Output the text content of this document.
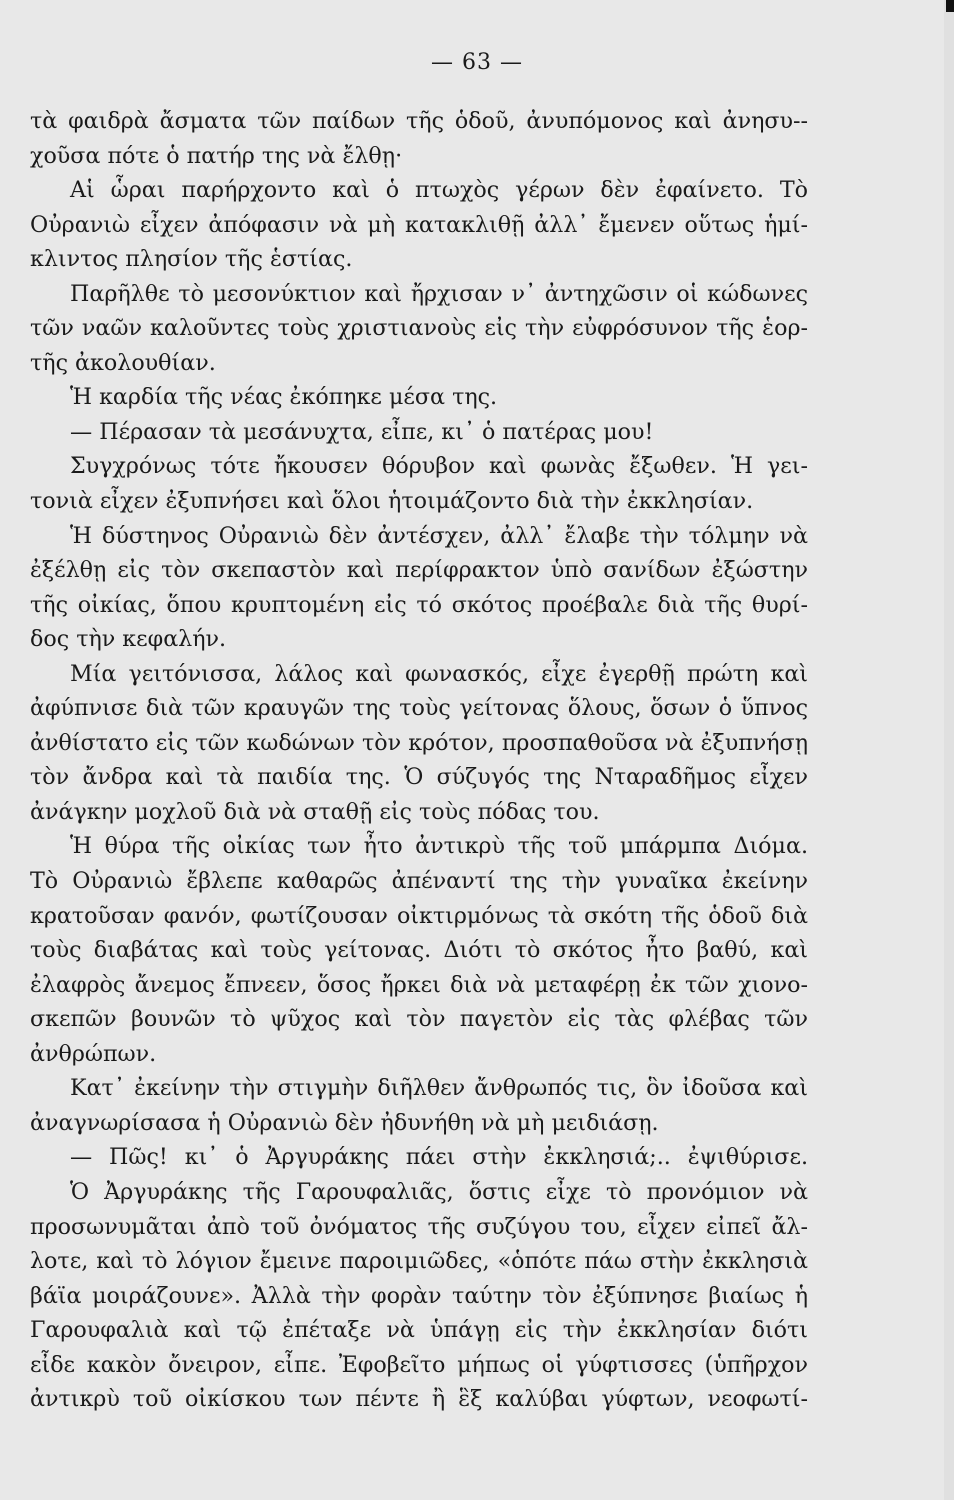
— 63 —
τὰ φαιδρὰ ἄσματα τῶν παίδων τῆς ὁδοῦ, ἀνυπόμονος καὶ ἀνησυ--
χοῦσα πότε ὁ πατήρ της νὰ ἔλθῃ·
Αἱ ὧραι παρήρχοντο καὶ ὁ πτωχὸς γέρων δὲν ἐφαίνετο. Τὸ
Οὐρανιὼ εἶχεν ἀπόφασιν νὰ μὴ κατακλιθῇ ἀλλ᾽ ἔμενεν οὕτως ἡμί-
κλιντος πλησίον τῆς ἑστίας.
Παρῆλθε τὸ μεσονύκτιον καὶ ἤρχισαν ν᾽ ἀντηχῶσιν οἱ κώδωνες
τῶν ναῶν καλοῦντες τοὺς χριστιανοὺς εἰς τὴν εὐφρόσυνον τῆς ἑορ-
τῆς ἀκολουθίαν.
Ἡ καρδία τῆς νέας ἐκόπηκε μέσα της.
— Πέρασαν τὰ μεσάνυχτα, εἶπε, κι᾽ ὁ πατέρας μου!
Συγχρόνως τότε ἤκουσεν θόρυβον καὶ φωνὰς ἔξωθεν. Ἡ γει-
τονιὰ εἶχεν ἐξυπνήσει καὶ ὅλοι ἡτοιμάζοντο διὰ τὴν ἐκκλησίαν.
Ἡ δύστηνος Οὐρανιὼ δὲν ἀντέσχεν, ἀλλ᾽ ἔλαβε τὴν τόλμην νὰ
ἐξέλθῃ εἰς τὸν σκεπαστὸν καὶ περίφρακτον ὑπὸ σανίδων ἐξώστην
τῆς οἰκίας, ὅπου κρυπτομένη εἰς τό σκότος προέβαλε διὰ τῆς θυρί-
δος τὴν κεφαλήν.
Μία γειτόνισσα, λάλος καὶ φωνασκός, εἶχε ἐγερθῇ πρώτη καὶ
ἀφύπνισε διὰ τῶν κραυγῶν της τοὺς γείτονας ὅλους, ὅσων ὁ ὕπνος
ἀνθίστατο εἰς τῶν κωδώνων τὸν κρότον, προσπαθοῦσα νὰ ἐξυπνήσῃ
τὸν ἄνδρα καὶ τὰ παιδία της. Ὁ σύζυγός της Νταραδῆμος εἶχεν
ἀνάγκην μοχλοῦ διὰ νὰ σταθῇ εἰς τοὺς πόδας του.
Ἡ θύρα τῆς οἰκίας των ἦτο ἀντικρὺ τῆς τοῦ μπάρμπα Διόμα.
Τὸ Οὐρανιὼ ἔβλεπε καθαρῶς ἀπέναντί της τὴν γυναῖκα ἐκείνην
κρατοῦσαν φανόν, φωτίζουσαν οἰκτιρμόνως τὰ σκότη τῆς ὁδοῦ διὰ
τοὺς διαβάτας καὶ τοὺς γείτονας. Διότι τὸ σκότος ἦτο βαθύ, καὶ
ἐλαφρὸς ἄνεμος ἔπνεεν, ὅσος ἤρκει διὰ νὰ μεταφέρῃ ἐκ τῶν χιονο-
σκεπῶν βουνῶν τὸ ψῦχος καὶ τὸν παγετὸν εἰς τὰς φλέβας τῶν
ἀνθρώπων.
Κατ᾽ ἐκείνην τὴν στιγμὴν διῆλθεν ἄνθρωπός τις, ὃν ἰδοῦσα καὶ
ἀναγνωρίσασα ἡ Οὐρανιὼ δὲν ἠδυνήθη νὰ μὴ μειδιάσῃ.
— Πῶς! κι᾽ ὁ Ἀργυράκης πάει στὴν ἐκκλησιά;.. ἐψιθύρισε.
Ὁ Ἀργυράκης τῆς Γαρουφαλιᾶς, ὅστις εἶχε τὸ προνόμιον νὰ
προσωνυμᾶται ἀπὸ τοῦ ὀνόματος τῆς συζύγου του, εἶχεν εἰπεῖ ἄλ-
λοτε, καὶ τὸ λόγιον ἔμεινε παροιμιῶδες, «ὁπότε πάω στὴν ἐκκλησιὰ
βάϊα μοιράζουνε». Ἀλλὰ τὴν φορὰν ταύτην τὸν ἐξύπνησε βιαίως ἡ
Γαρουφαλιὰ καὶ τῷ ἐπέταξε νὰ ὑπάγῃ εἰς τὴν ἐκκλησίαν διότι
εἶδε κακὸν ὄνειρον, εἶπε. Ἐφοβεῖτο μήπως οἱ γύφτισσες (ὑπῆρχον
ἀντικρὺ τοῦ οἰκίσκου των πέντε ἢ ἓξ καλύβαι γύφτων, νεοφωτί-
